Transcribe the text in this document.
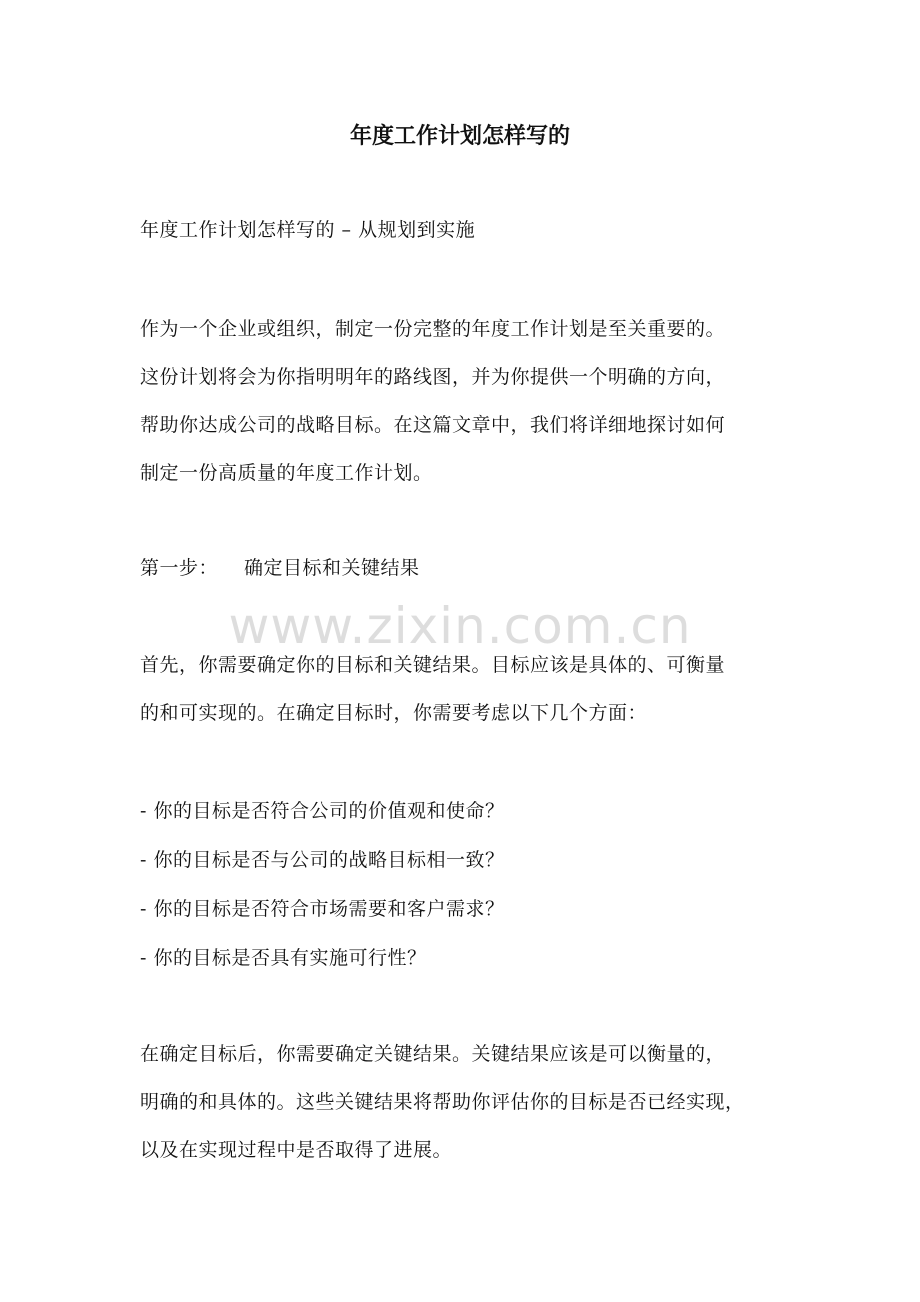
年度工作计划怎样写的

年度工作计划怎样写的 – 从规划到实施

作为一个企业或组织，制定一份完整的年度工作计划是至关重要的。
这份计划将会为你指明明年的路线图，并为你提供一个明确的方向，
帮助你达成公司的战略目标。在这篇文章中，我们将详细地探讨如何
制定一份高质量的年度工作计划。
第一步： 确定目标和关键结果
www.zixin.com.cn
首先，你需要确定你的目标和关键结果。目标应该是具体的、可衡量
的和可实现的。在确定目标时，你需要考虑以下几个方面：
- 你的目标是否符合公司的价值观和使命？
- 你的目标是否与公司的战略目标相一致？
- 你的目标是否符合市场需要和客户需求？
- 你的目标是否具有实施可行性？
在确定目标后，你需要确定关键结果。关键结果应该是可以衡量的，
明确的和具体的。这些关键结果将帮助你评估你的目标是否已经实现，
以及在实现过程中是否取得了进展。
